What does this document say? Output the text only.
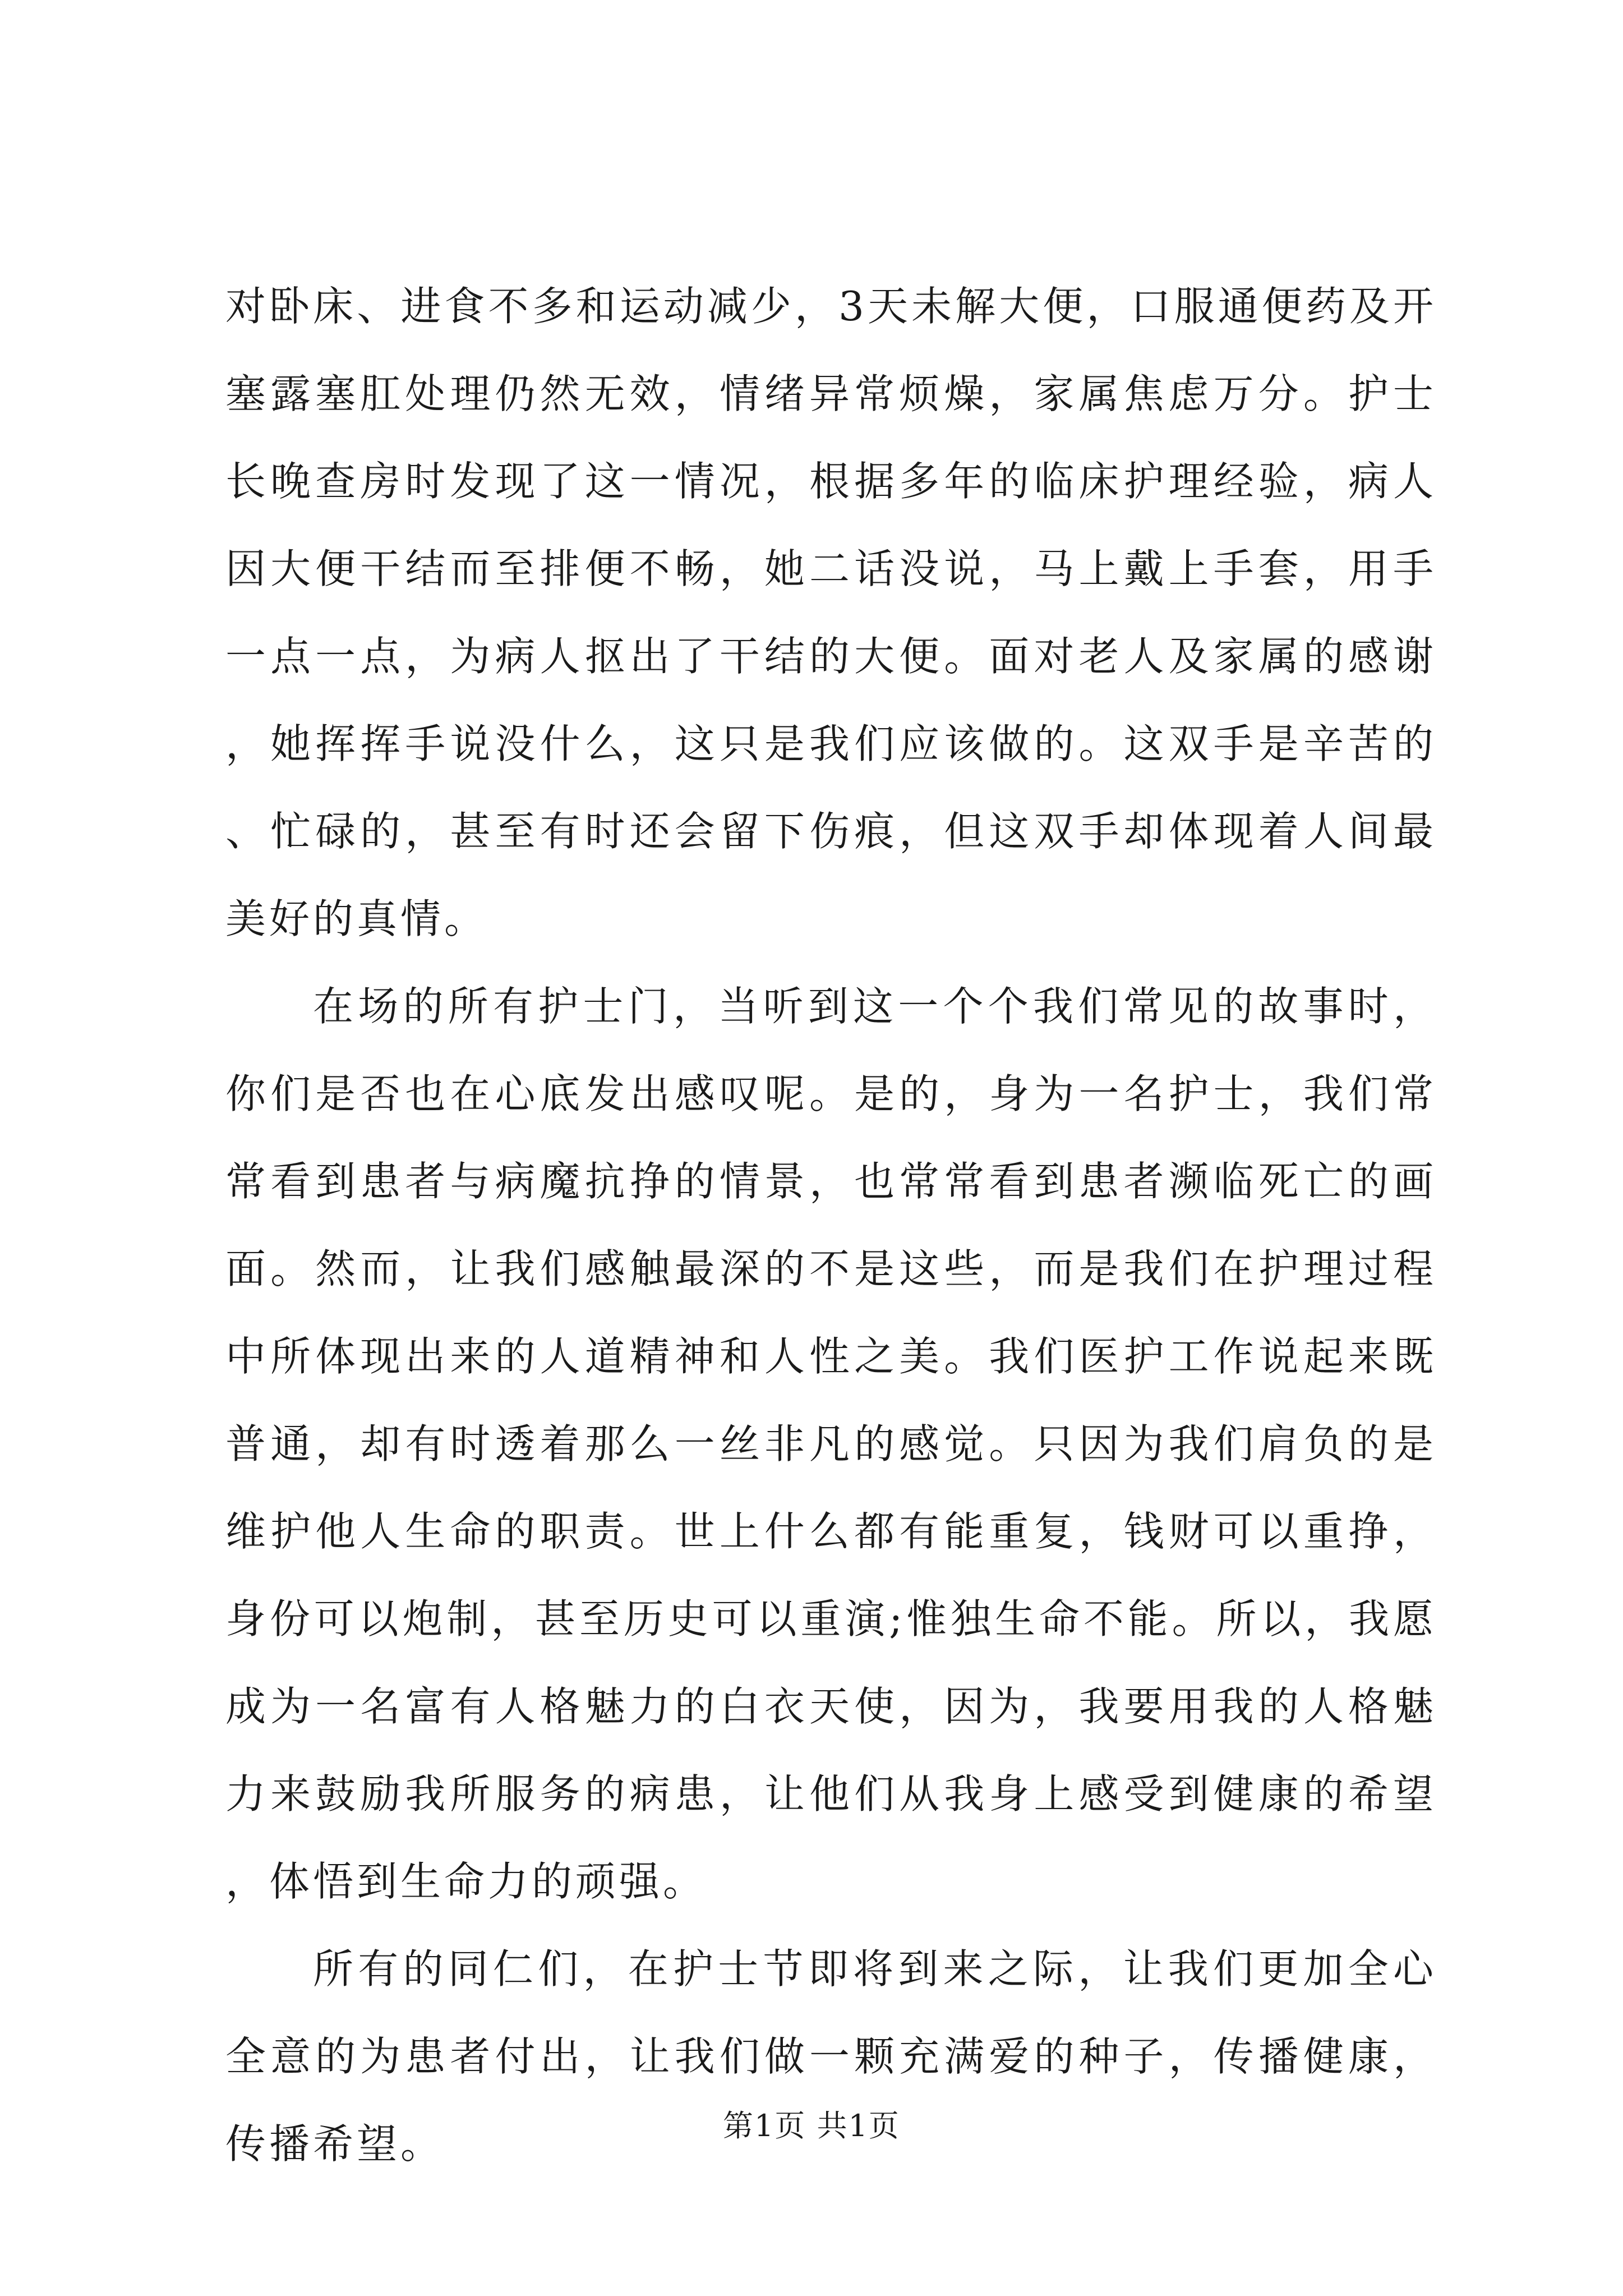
对卧床、进食不多和运动减少，3天未解大便，口服通便药及开塞露塞肛处理仍然无效，情绪异常烦燥，家属焦虑万分。护士长晚查房时发现了这一情况，根据多年的临床护理经验，病人因大便干结而至排便不畅，她二话没说，马上戴上手套，用手一点一点，为病人抠出了干结的大便。面对老人及家属的感谢，她挥挥手说没什么，这只是我们应该做的。这双手是辛苦的、忙碌的，甚至有时还会留下伤痕，但这双手却体现着人间最美好的真情。

在场的所有护士门，当听到这一个个我们常见的故事时，你们是否也在心底发出感叹呢。是的，身为一名护士，我们常常看到患者与病魔抗挣的情景，也常常看到患者濒临死亡的画面。然而，让我们感触最深的不是这些，而是我们在护理过程中所体现出来的人道精神和人性之美。我们医护工作说起来既普通，却有时透着那么一丝非凡的感觉。只因为我们肩负的是维护他人生命的职责。世上什么都有能重复，钱财可以重挣，身份可以炮制，甚至历史可以重演;惟独生命不能。所以，我愿成为一名富有人格魅力的白衣天使，因为，我要用我的人格魅力来鼓励我所服务的病患，让他们从我身上感受到健康的希望，体悟到生命力的顽强。

所有的同仁们，在护士节即将到来之际，让我们更加全心全意的为患者付出，让我们做一颗充满爱的种子，传播健康，传播希望。	第1页 共1页
